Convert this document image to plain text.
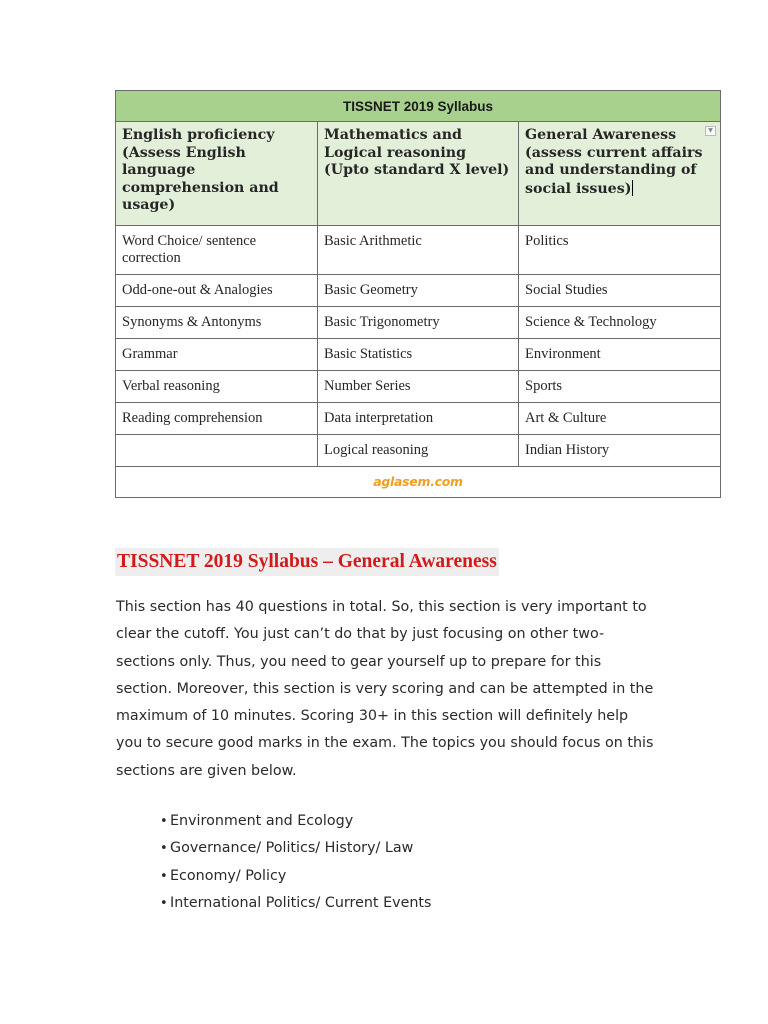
TISSNET 2019 Syllabus		
English proficiency (Assess English language comprehension and usage)	Mathematics and Logical reasoning (Upto standard X level)	General Awareness (assess current affairs and understanding of social issues)
▼

Word Choice/ sentence correction	Basic Arithmetic	Politics
Odd-one-out & Analogies	Basic Geometry	Social Studies
Synonyms & Antonyms	Basic Trigonometry	Science & Technology
Grammar	Basic Statistics	Environment
Verbal reasoning	Number Series	Sports
Reading comprehension	Data interpretation	Art & Culture
	Logical reasoning	Indian History
aglasem.com		
TISSNET 2019 Syllabus – General Awareness

This section has 40 questions in total. So, this section is very important to clear the cutoff. You just can’t do that by just focusing on other two-sections only. Thus, you need to gear yourself up to prepare for this section. Moreover, this section is very scoring and can be attempted in the maximum of 10 minutes. Scoring 30+ in this section will definitely help you to secure good marks in the exam. The topics you should focus on this sections are given below.

• Environment and Ecology
• Governance/ Politics/ History/ Law
• Economy/ Policy
• International Politics/ Current Events
